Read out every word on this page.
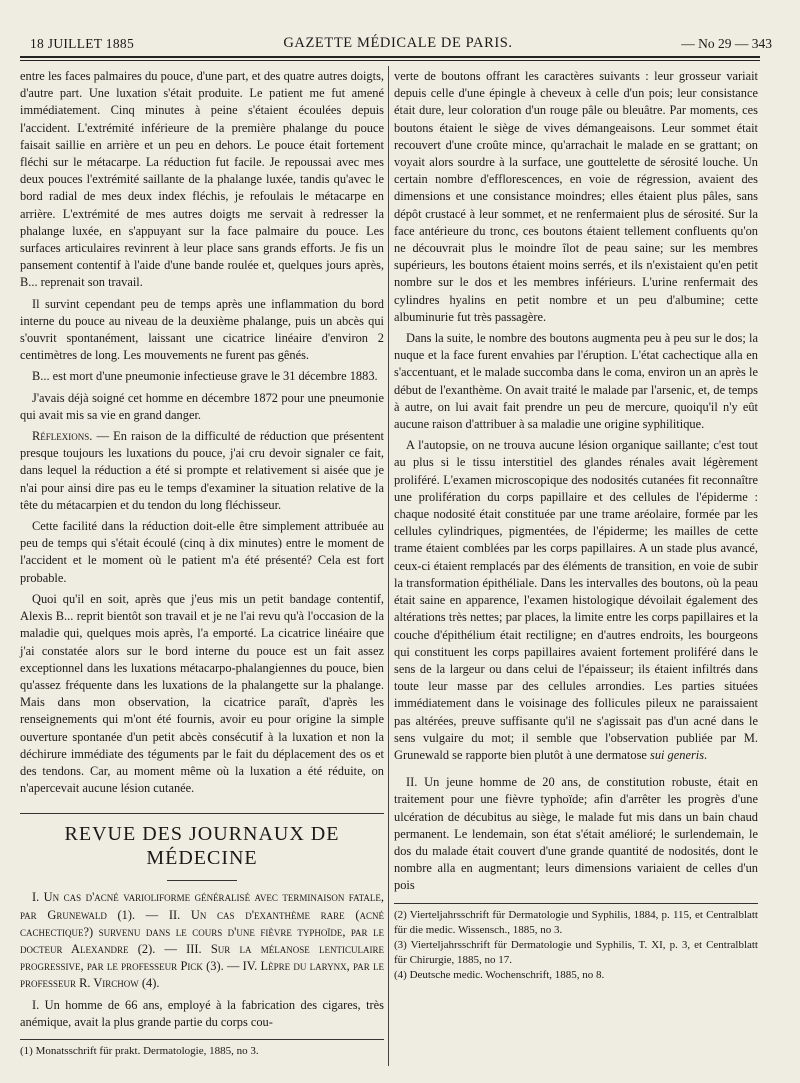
18 JUILLET 1885	GAZETTE MÉDICALE DE PARIS.	— No 29 — 343

entre les faces palmaires du pouce, d'une part, et des quatre autres doigts, d'autre part. Une luxation s'était produite. Le patient me fut amené immédiatement. Cinq minutes à peine s'étaient écoulées depuis l'accident. L'extrémité inférieure de la première phalange du pouce faisait saillie en arrière et un peu en dehors. Le pouce était fortement fléchi sur le métacarpe. La réduction fut facile. Je repoussai avec mes deux pouces l'extrémité saillante de la phalange luxée, tandis qu'avec le bord radial de mes deux index fléchis, je refoulais le métacarpe en arrière. L'extrémité de mes autres doigts me servait à redresser la phalange luxée, en s'appuyant sur la face palmaire du pouce. Les surfaces articulaires revinrent à leur place sans grands efforts. Je fis un pansement contentif à l'aide d'une bande roulée et, quelques jours après, B... reprenait son travail.

Il survint cependant peu de temps après une inflammation du bord interne du pouce au niveau de la deuxième phalange, puis un abcès qui s'ouvrit spontanément, laissant une cicatrice linéaire d'environ 2 centimètres de long. Les mouvements ne furent pas gênés.

B... est mort d'une pneumonie infectieuse grave le 31 décembre 1883.

J'avais déjà soigné cet homme en décembre 1872 pour une pneumonie qui avait mis sa vie en grand danger.

Réflexions. — En raison de la difficulté de réduction que présentent presque toujours les luxations du pouce, j'ai cru devoir signaler ce fait, dans lequel la réduction a été si prompte et relativement si aisée que je n'ai pour ainsi dire pas eu le temps d'examiner la situation relative de la tête du métacarpien et du tendon du long fléchisseur.

Cette facilité dans la réduction doit-elle être simplement attribuée au peu de temps qui s'était écoulé (cinq à dix minutes) entre le moment de l'accident et le moment où le patient m'a été présenté? Cela est fort probable.

Quoi qu'il en soit, après que j'eus mis un petit bandage contentif, Alexis B... reprit bientôt son travail et je ne l'ai revu qu'à l'occasion de la maladie qui, quelques mois après, l'a emporté. La cicatrice linéaire que j'ai constatée alors sur le bord interne du pouce est un fait assez exceptionnel dans les luxations métacarpo-phalangiennes du pouce, bien qu'assez fréquente dans les luxations de la phalangette sur la phalange. Mais dans mon observation, la cicatrice paraît, d'après les renseignements qui m'ont été fournis, avoir eu pour origine la simple ouverture spontanée d'un petit abcès consécutif à la luxation et non la déchirure immédiate des téguments par le fait du déplacement des os et des tendons. Car, au moment même où la luxation a été réduite, on n'apercevait aucune lésion cutanée.

REVUE DES JOURNAUX DE MÉDECINE

I. Un cas d'acné varioliforme généralisé avec terminaison fatale, par Grunewald (1). — II. Un cas d'exanthème rare (acné cachectique?) survenu dans le cours d'une fièvre typhoïde, par le docteur Alexandre (2). — III. Sur la mélanose lenticulaire progressive, par le professeur Pick (3). — IV. Lèpre du larynx, par le professeur R. Virchow (4).

I. Un homme de 66 ans, employé à la fabrication des cigares, très anémique, avait la plus grande partie du corps cou-

(1) Monatsschrift für prakt. Dermatologie, 1885, no 3.

verte de boutons offrant les caractères suivants : leur grosseur variait depuis celle d'une épingle à cheveux à celle d'un pois; leur consistance était dure, leur coloration d'un rouge pâle ou bleuâtre. Par moments, ces boutons étaient le siège de vives démangeaisons. Leur sommet était recouvert d'une croûte mince, qu'arrachait le malade en se grattant; on voyait alors sourdre à la surface, une gouttelette de sérosité louche. Un certain nombre d'efflorescences, en voie de régression, avaient des dimensions et une consistance moindres; elles étaient plus pâles, sans dépôt crustacé à leur sommet, et ne renfermaient plus de sérosité. Sur la face antérieure du tronc, ces boutons étaient tellement confluents qu'on ne découvrait plus le moindre îlot de peau saine; sur les membres supérieurs, les boutons étaient moins serrés, et ils n'existaient qu'en petit nombre sur le dos et les membres inférieurs. L'urine renfermait des cylindres hyalins en petit nombre et un peu d'albumine; cette albuminurie fut très passagère.

Dans la suite, le nombre des boutons augmenta peu à peu sur le dos; la nuque et la face furent envahies par l'éruption. L'état cachectique alla en s'accentuant, et le malade succomba dans le coma, environ un an après le début de l'exanthème. On avait traité le malade par l'arsenic, et, de temps à autre, on lui avait fait prendre un peu de mercure, quoiqu'il n'y eût aucune raison d'attribuer à sa maladie une origine syphilitique.

A l'autopsie, on ne trouva aucune lésion organique saillante; c'est tout au plus si le tissu interstitiel des glandes rénales avait légèrement proliféré. L'examen microscopique des nodosités cutanées fit reconnaître une prolifération du corps papillaire et des cellules de l'épiderme : chaque nodosité était constituée par une trame aréolaire, formée par les cellules cylindriques, pigmentées, de l'épiderme; les mailles de cette trame étaient comblées par les corps papillaires. A un stade plus avancé, ceux-ci étaient remplacés par des éléments de transition, en voie de subir la transformation épithéliale. Dans les intervalles des boutons, où la peau était saine en apparence, l'examen histologique dévoilait également des altérations très nettes; par places, la limite entre les corps papillaires et la couche d'épithélium était rectiligne; en d'autres endroits, les bourgeons qui constituent les corps papillaires avaient fortement proliféré dans le sens de la largeur ou dans celui de l'épaisseur; ils étaient infiltrés dans toute leur masse par des cellules arrondies. Les parties situées immédiatement dans le voisinage des follicules pileux ne paraissaient pas altérées, preuve suffisante qu'il ne s'agissait pas d'un acné dans le sens vulgaire du mot; il semble que l'observation publiée par M. Grunewald se rapporte bien plutôt à une dermatose sui generis.

II. Un jeune homme de 20 ans, de constitution robuste, était en traitement pour une fièvre typhoïde; afin d'arrêter les progrès d'une ulcération de décubitus au siège, le malade fut mis dans un bain chaud permanent. Le lendemain, son état s'était amélioré; le surlendemain, le dos du malade était couvert d'une grande quantité de nodosités, dont le nombre alla en augmentant; leurs dimensions variaient de celles d'un pois

(2) Vierteljahrsschrift für Dermatologie und Syphilis, 1884, p. 115, et Centralblatt für die medic. Wissensch., 1885, no 3.

(3) Vierteljahrsschrift für Dermatologie und Syphilis, T. XI, p. 3, et Centralblatt für Chirurgie, 1885, no 17.

(4) Deutsche medic. Wochenschrift, 1885, no 8.
